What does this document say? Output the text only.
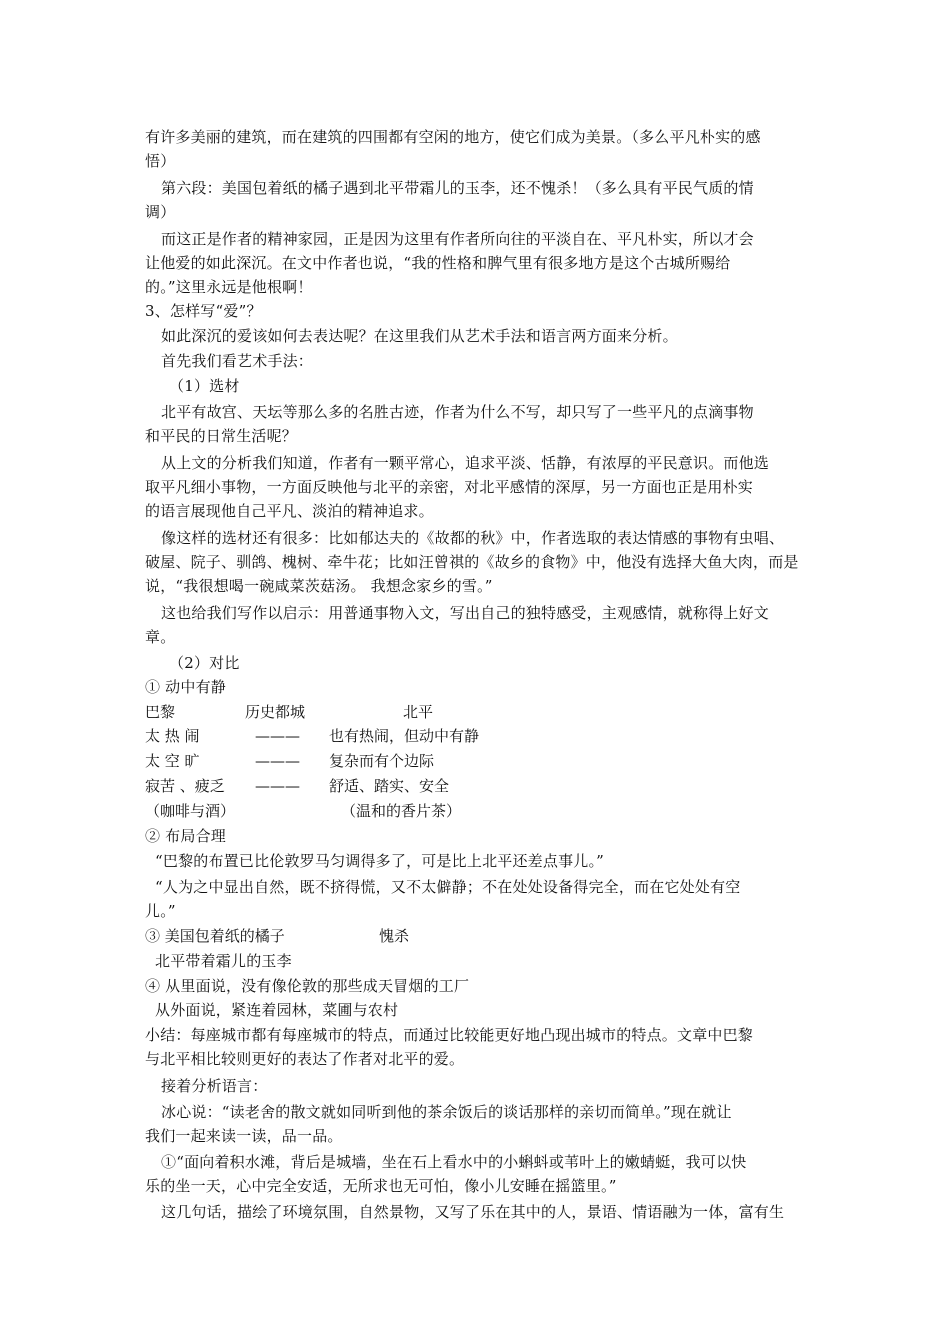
有许多美丽的建筑，而在建筑的四围都有空闲的地方，使它们成为美景。（多么平凡朴实的感
悟）
第六段：美国包着纸的橘子遇到北平带霜儿的玉李，还不愧杀！（多么具有平民气质的情
调）
而这正是作者的精神家园，正是因为这里有作者所向往的平淡自在、平凡朴实，所以才会
让他爱的如此深沉。在文中作者也说，“我的性格和脾气里有很多地方是这个古城所赐给
的。”这里永远是他根啊！
3、怎样写“爱”？
如此深沉的爱该如何去表达呢？在这里我们从艺术手法和语言两方面来分析。
首先我们看艺术手法：
（1）选材
北平有故宫、天坛等那么多的名胜古迹，作者为什么不写，却只写了一些平凡的点滴事物
和平民的日常生活呢？
从上文的分析我们知道，作者有一颗平常心，追求平淡、恬静，有浓厚的平民意识。而他选
取平凡细小事物，一方面反映他与北平的亲密，对北平感情的深厚，另一方面也正是用朴实
的语言展现他自己平凡、淡泊的精神追求。
像这样的选材还有很多：比如郁达夫的《故都的秋》中，作者选取的表达情感的事物有虫唱、
破屋、院子、驯鸽、槐树、牵牛花；比如汪曾祺的《故乡的食物》中，他没有选择大鱼大肉，而是
说，“我很想喝一碗咸菜茨菇汤。 我想念家乡的雪。”
这也给我们写作以启示：用普通事物入文，写出自己的独特感受，主观感情，就称得上好文
章。
（2）对比
① 动中有静
巴黎	历史都城	北平
太 热 闹	——— 也有热闹，但动中有静
太 空 旷	——— 复杂而有个边际
寂苦 、疲乏 ——— 舒适、踏实、安全
（咖啡与酒）	（温和的香片茶）
② 布局合理
“巴黎的布置已比伦敦罗马匀调得多了，可是比上北平还差点事儿。”
“人为之中显出自然，既不挤得慌，又不太僻静；不在处处设备得完全，而在它处处有空
儿。”
③ 美国包着纸的橘子	愧杀
北平带着霜儿的玉李
④ 从里面说，没有像伦敦的那些成天冒烟的工厂
从外面说，紧连着园林，菜圃与农村
小结：每座城市都有每座城市的特点，而通过比较能更好地凸现出城市的特点。文章中巴黎
与北平相比较则更好的表达了作者对北平的爱。
接着分析语言：
冰心说：“读老舍的散文就如同听到他的茶余饭后的谈话那样的亲切而简单。”现在就让
我们一起来读一读，品一品。
①“面向着积水滩，背后是城墙，坐在石上看水中的小蝌蚪或苇叶上的嫩蜻蜓，我可以快
乐的坐一天，心中完全安适，无所求也无可怕，像小儿安睡在摇篮里。”
这几句话，描绘了环境氛围，自然景物，又写了乐在其中的人，景语、情语融为一体，富有生
